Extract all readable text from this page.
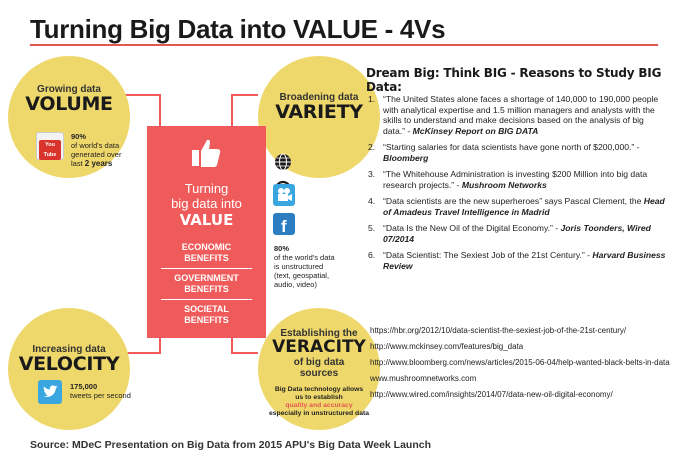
Turning Big Data into VALUE - 4Vs
Growing data
VOLUME
You Tube
90%
of world's data
generated over
last 2 years
Broadening data
VARIETY
f
80%
of the world's data
is unstructured
(text, geospatial,
audio, video)
Turning
big data into
VALUE
ECONOMIC
BENEFITS
GOVERNMENT
BENEFITS
SOCIETAL
BENEFITS
Increasing data
VELOCITY
175,000
tweets per second
Establishing the
VERACITY
of big data
sources
Big Data technology allows
us to establish
quality and accuracy
especially in unstructured data
Dream Big: Think BIG - Reasons to Study BIG Data:
1. “The United States alone faces a shortage of 140,000 to 190,000 people with analytical expertise and 1.5 million managers and analysts with the skills to understand and make decisions based on the analysis of big data.” - McKinsey Report on BIG DATA
2. “Starting salaries for data scientists have gone north of $200,000.” - Bloomberg
3. “The Whitehouse Administration is investing $200 Million into big data research projects.” - Mushroom Networks
4. “Data scientists are the new superheroes” says Pascal Clement, the Head of Amadeus Travel Intelligence in Madrid
5. “Data Is the New Oil of the Digital Economy.” - Joris Toonders, Wired 07/2014
6. “Data Scientist: The Sexiest Job of the 21st Century.” - Harvard Business Review
https://hbr.org/2012/10/data-scientist-the-sexiest-job-of-the-21st-century/
http://www.mckinsey.com/features/big_data
http://www.bloomberg.com/news/articles/2015-06-04/help-wanted-black-belts-in-data
www.mushroomnetworks.com
http://www.wired.com/insights/2014/07/data-new-oil-digital-economy/
Source: MDeC Presentation on Big Data from 2015 APU's Big Data Week Launch
